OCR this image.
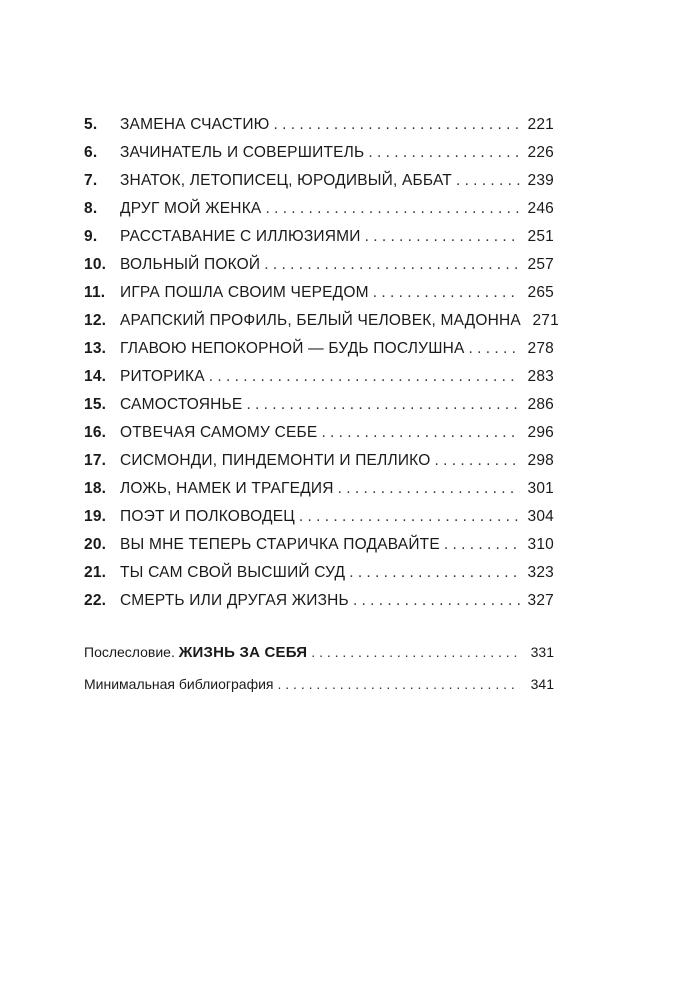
5.	ЗАМЕНА СЧАСТИЮ . . .	221
6.	ЗАЧИНАТЕЛЬ И СОВЕРШИТЕЛЬ . . .	226
7.	ЗНАТОК, ЛЕТОПИСЕЦ, ЮРОДИВЫЙ, АББАТ . . .	239
8.	ДРУГ МОЙ ЖЕНКА . . .	246
9.	РАССТАВАНИЕ С ИЛЛЮЗИЯМИ . . .	251
10. ВОЛЬНЫЙ ПОКОЙ . . .	257
11. ИГРА ПОШЛА СВОИМ ЧЕРЕДОМ . . .	265
12. АРАПСКИЙ ПРОФИЛЬ, БЕЛЫЙ ЧЕЛОВЕК, МАДОННА 271
13. ГЛАВОЮ НЕПОКОРНОЙ — БУДЬ ПОСЛУШНА . . .	278
14. РИТОРИКА . . .	283
15. САМОСТОЯНЬЕ . . .	286
16. ОТВЕЧАЯ САМОМУ СЕБЕ . . .	296
17. СИСМОНДИ, ПИНДЕМОНТИ И ПЕЛЛИКО . . .	298
18. ЛОЖЬ, НАМЕК И ТРАГЕДИЯ . . .	301
19. ПОЭТ И ПОЛКОВОДЕЦ . . .	304
20. ВЫ МНЕ ТЕПЕРЬ СТАРИЧКА ПОДАВАЙТЕ . . .	310
21. ТЫ САМ СВОЙ ВЫСШИЙ СУД . . .	323
22. СМЕРТЬ ИЛИ ДРУГАЯ ЖИЗНЬ . . .	327
Послесловие. ЖИЗНЬ ЗА СЕБЯ . . .	331
Минимальная библиография . . .	341
